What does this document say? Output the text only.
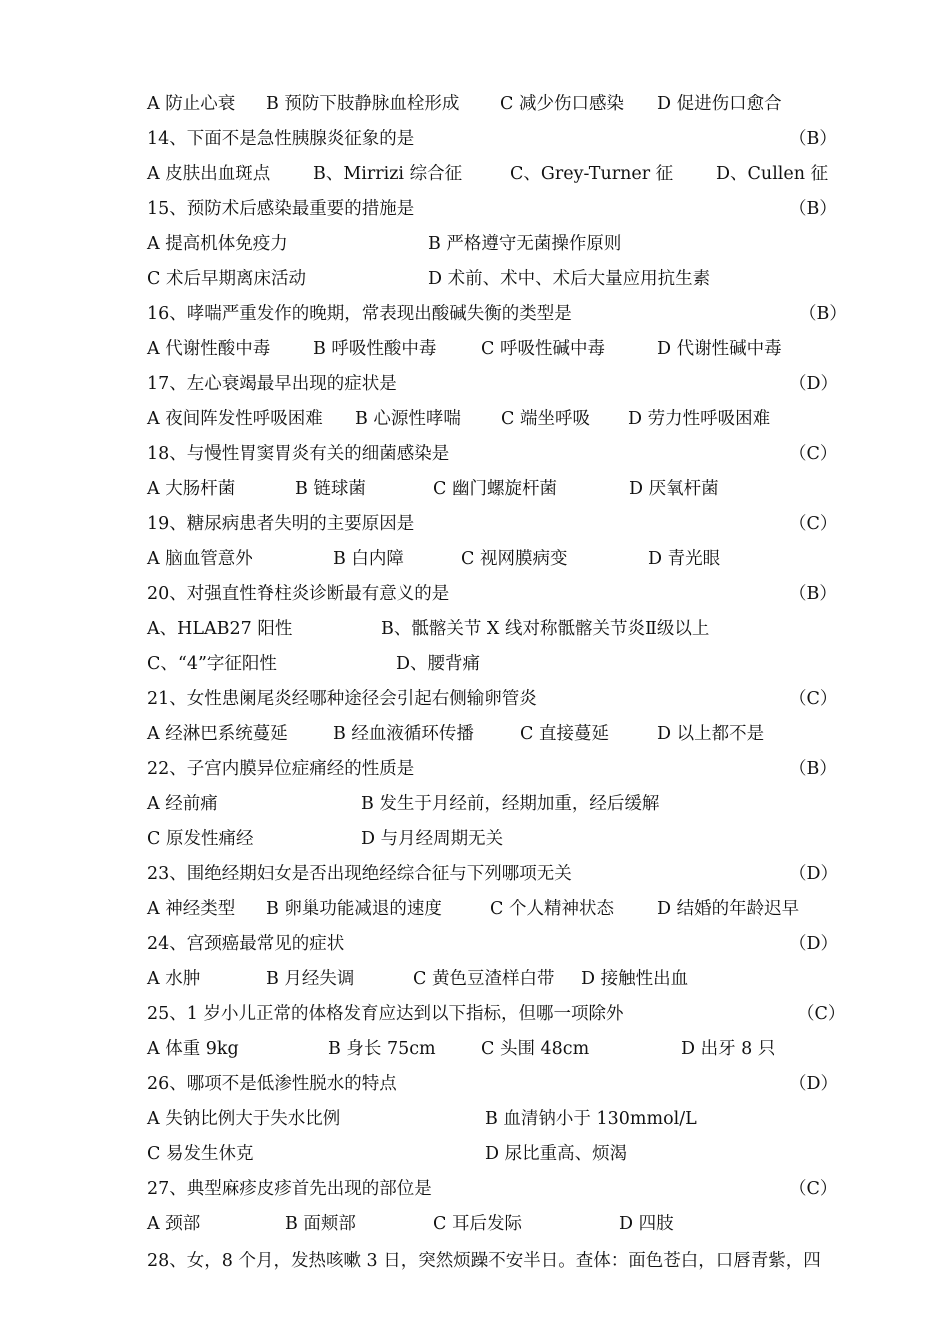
A 防止心衰 B 预防下肢静脉血栓形成 C 减少伤口感染 D 促进伤口愈合
14、下面不是急性胰腺炎征象的是	（B）
A 皮肤出血斑点 B、Mirrizi 综合征	C、Grey-Turner 征 D、Cullen 征
15、预防术后感染最重要的措施是	（B）
A 提高机体免疫力	B 严格遵守无菌操作原则
C 术后早期离床活动	D 术前、术中、术后大量应用抗生素
16、哮喘严重发作的晚期，常表现出酸碱失衡的类型是	（B）
A 代谢性酸中毒 B 呼吸性酸中毒	C 呼吸性碱中毒	D 代谢性碱中毒
17、左心衰竭最早出现的症状是	（D）
A 夜间阵发性呼吸困难 B 心源性哮喘 C 端坐呼吸 D 劳力性呼吸困难
18、与慢性胃窦胃炎有关的细菌感染是	（C）
A 大肠杆菌	B 链球菌	C 幽门螺旋杆菌	D 厌氧杆菌
19、糖尿病患者失明的主要原因是	（C）
A 脑血管意外	B 白内障	C 视网膜病变	D 青光眼
20、对强直性脊柱炎诊断最有意义的是	（B）
A、HLAB27 阳性	B、骶髂关节 X 线对称骶髂关节炎Ⅱ级以上
C、“4”字征阳性	D、腰背痛
21、女性患阑尾炎经哪种途径会引起右侧输卵管炎	（C）
A 经淋巴系统蔓延	B 经血液循环传播	C 直接蔓延	D 以上都不是
22、子宫内膜异位症痛经的性质是	（B）
A 经前痛	B 发生于月经前，经期加重，经后缓解
C 原发性痛经	D 与月经周期无关
23、围绝经期妇女是否出现绝经综合征与下列哪项无关	（D）
A 神经类型 B 卵巢功能减退的速度	C 个人精神状态 D 结婚的年龄迟早
24、宫颈癌最常见的症状	（D）
A 水肿	B 月经失调	C 黄色豆渣样白带 D 接触性出血
25、1 岁小儿正常的体格发育应达到以下指标，但哪一项除外	（C）
A 体重 9kg	B 身长 75cm	C 头围 48cm	D 出牙 8 只
26、哪项不是低渗性脱水的特点	（D）
A 失钠比例大于失水比例	B 血清钠小于 130mmol/L
C 易发生休克	D 尿比重高、烦渴
27、典型麻疹皮疹首先出现的部位是	（C）
A 颈部	B 面颊部	C 耳后发际	D 四肢
28、女，8 个月，发热咳嗽 3 日，突然烦躁不安半日。查体：面色苍白，口唇青紫，四
